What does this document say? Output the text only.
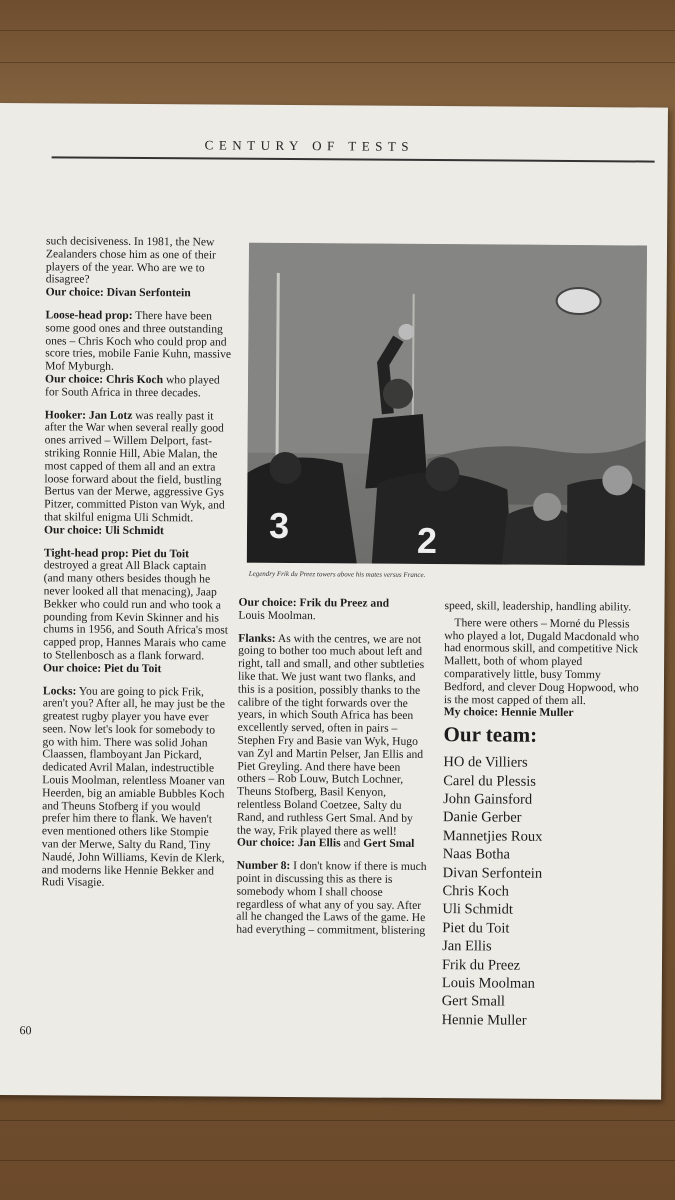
CENTURY OF TESTS

such decisiveness. In 1981, the New Zealanders chose him as one of their players of the year. Who are we to disagree?
Our choice: Divan Serfontein

Loose-head prop: There have been some good ones and three outstanding ones – Chris Koch who could prop and score tries, mobile Fanie Kuhn, massive Mof Myburgh.
Our choice: Chris Koch who played for South Africa in three decades.

Hooker: Jan Lotz was really past it after the War when several really good ones arrived – Willem Delport, fast-striking Ronnie Hill, Abie Malan, the most capped of them all and an extra loose forward about the field, bustling Bertus van der Merwe, aggressive Gys Pitzer, committed Piston van Wyk, and that skilful enigma Uli Schmidt.
Our choice: Uli Schmidt

Tight-head prop: Piet du Toit destroyed a great All Black captain (and many others besides though he never looked all that menacing), Jaap Bekker who could run and who took a pounding from Kevin Skinner and his chums in 1956, and South Africa's most capped prop, Hannes Marais who came to Stellenbosch as a flank forward.
Our choice: Piet du Toit

Locks: You are going to pick Frik, aren't you? After all, he may just be the greatest rugby player you have ever seen. Now let's look for somebody to go with him. There was solid Johan Claassen, flamboyant Jan Pickard, dedicated Avril Malan, indestructible Louis Moolman, relentless Moaner van Heerden, big an amiable Bubbles Koch and Theuns Stofberg if you would prefer him there to flank. We haven't even mentioned others like Stompie van der Merwe, Salty du Rand, Tiny Naudé, John Williams, Kevin de Klerk, and moderns like Hennie Bekker and Rudi Visagie.

3	2
Legendry Frik du Preez towers above his mates versus France.

Our choice: Frik du Preez and
Louis Moolman.

Flanks: As with the centres, we are not going to bother too much about left and right, tall and small, and other subtleties like that. We just want two flanks, and this is a position, possibly thanks to the calibre of the tight forwards over the years, in which South Africa has been excellently served, often in pairs – Stephen Fry and Basie van Wyk, Hugo van Zyl and Martin Pelser, Jan Ellis and Piet Greyling. And there have been others – Rob Louw, Butch Lochner, Theuns Stofberg, Basil Kenyon, relentless Boland Coetzee, Salty du Rand, and ruthless Gert Smal. And by the way, Frik played there as well!
Our choice: Jan Ellis and Gert Smal

Number 8: I don't know if there is much point in discussing this as there is somebody whom I shall choose regardless of what any of you say. After all he changed the Laws of the game. He had everything – commitment, blistering

speed, skill, leadership, handling ability.

There were others – Morné du Plessis who played a lot, Dugald Macdonald who had enormous skill, and competitive Nick Mallett, both of whom played comparatively little, busy Tommy Bedford, and clever Doug Hopwood, who is the most capped of them all.
My choice: Hennie Muller

Our team:
HO de Villiers
Carel du Plessis
John Gainsford
Danie Gerber
Mannetjies Roux
Naas Botha
Divan Serfontein
Chris Koch
Uli Schmidt
Piet du Toit
Jan Ellis
Frik du Preez
Louis Moolman
Gert Small
Hennie Muller
60
